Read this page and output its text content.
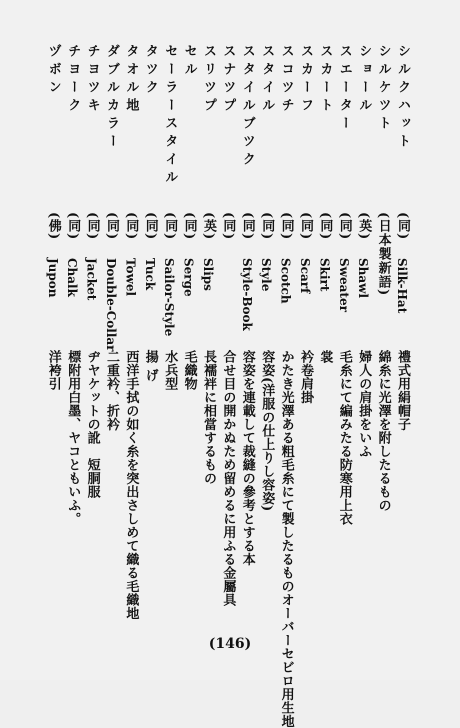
シルクハット
(同)
Silk-Hat
禮式用絹帽子
シルケツト
(日本製新語)
綿糸に光澤を附したるもの
ショール
(英)
Shawl
婦人の肩掛をいふ
スエーター
(同)
Sweater
毛糸にて編みたる防寒用上衣
スカート
(同)
Skirt
裳
スカーフ
(同)
Scarf
衿卷肩掛
スコツチ
(同)
Scotch
かたき光澤ある粗毛糸にて製したるものオーバーセビロ用生地
スタイル
(同)
Style
容姿(洋服の仕上りし容姿)
スタイルブツク
(同)
Style-Book
容姿を連載して裁縫の參考とする本
スナツプ
(同)
合せ目の開かぬため留めるに用ふる金屬具
スリツプ
(英)
Slips
長襦袢に相當するもの
セル
(同)
Serge
毛織物
セーラースタイル
(同)
Sailor-Style
水兵型
タツク
(同)
Tuck
揚 げ
タオル地
(同)
Towel
西洋手拭の如く糸を突出さしめて織る毛織地
ダブルカラー
(同)
Double-Collar
二重衿、折衿
チヨツキ
(同)
Jacket
ヂヤケットの訛　短胴服
チヨーク
(同)
Chalk
標附用白墨、ヤコともいふ。
ヅボン
(佛)
Jupon
洋袴引
(146)
